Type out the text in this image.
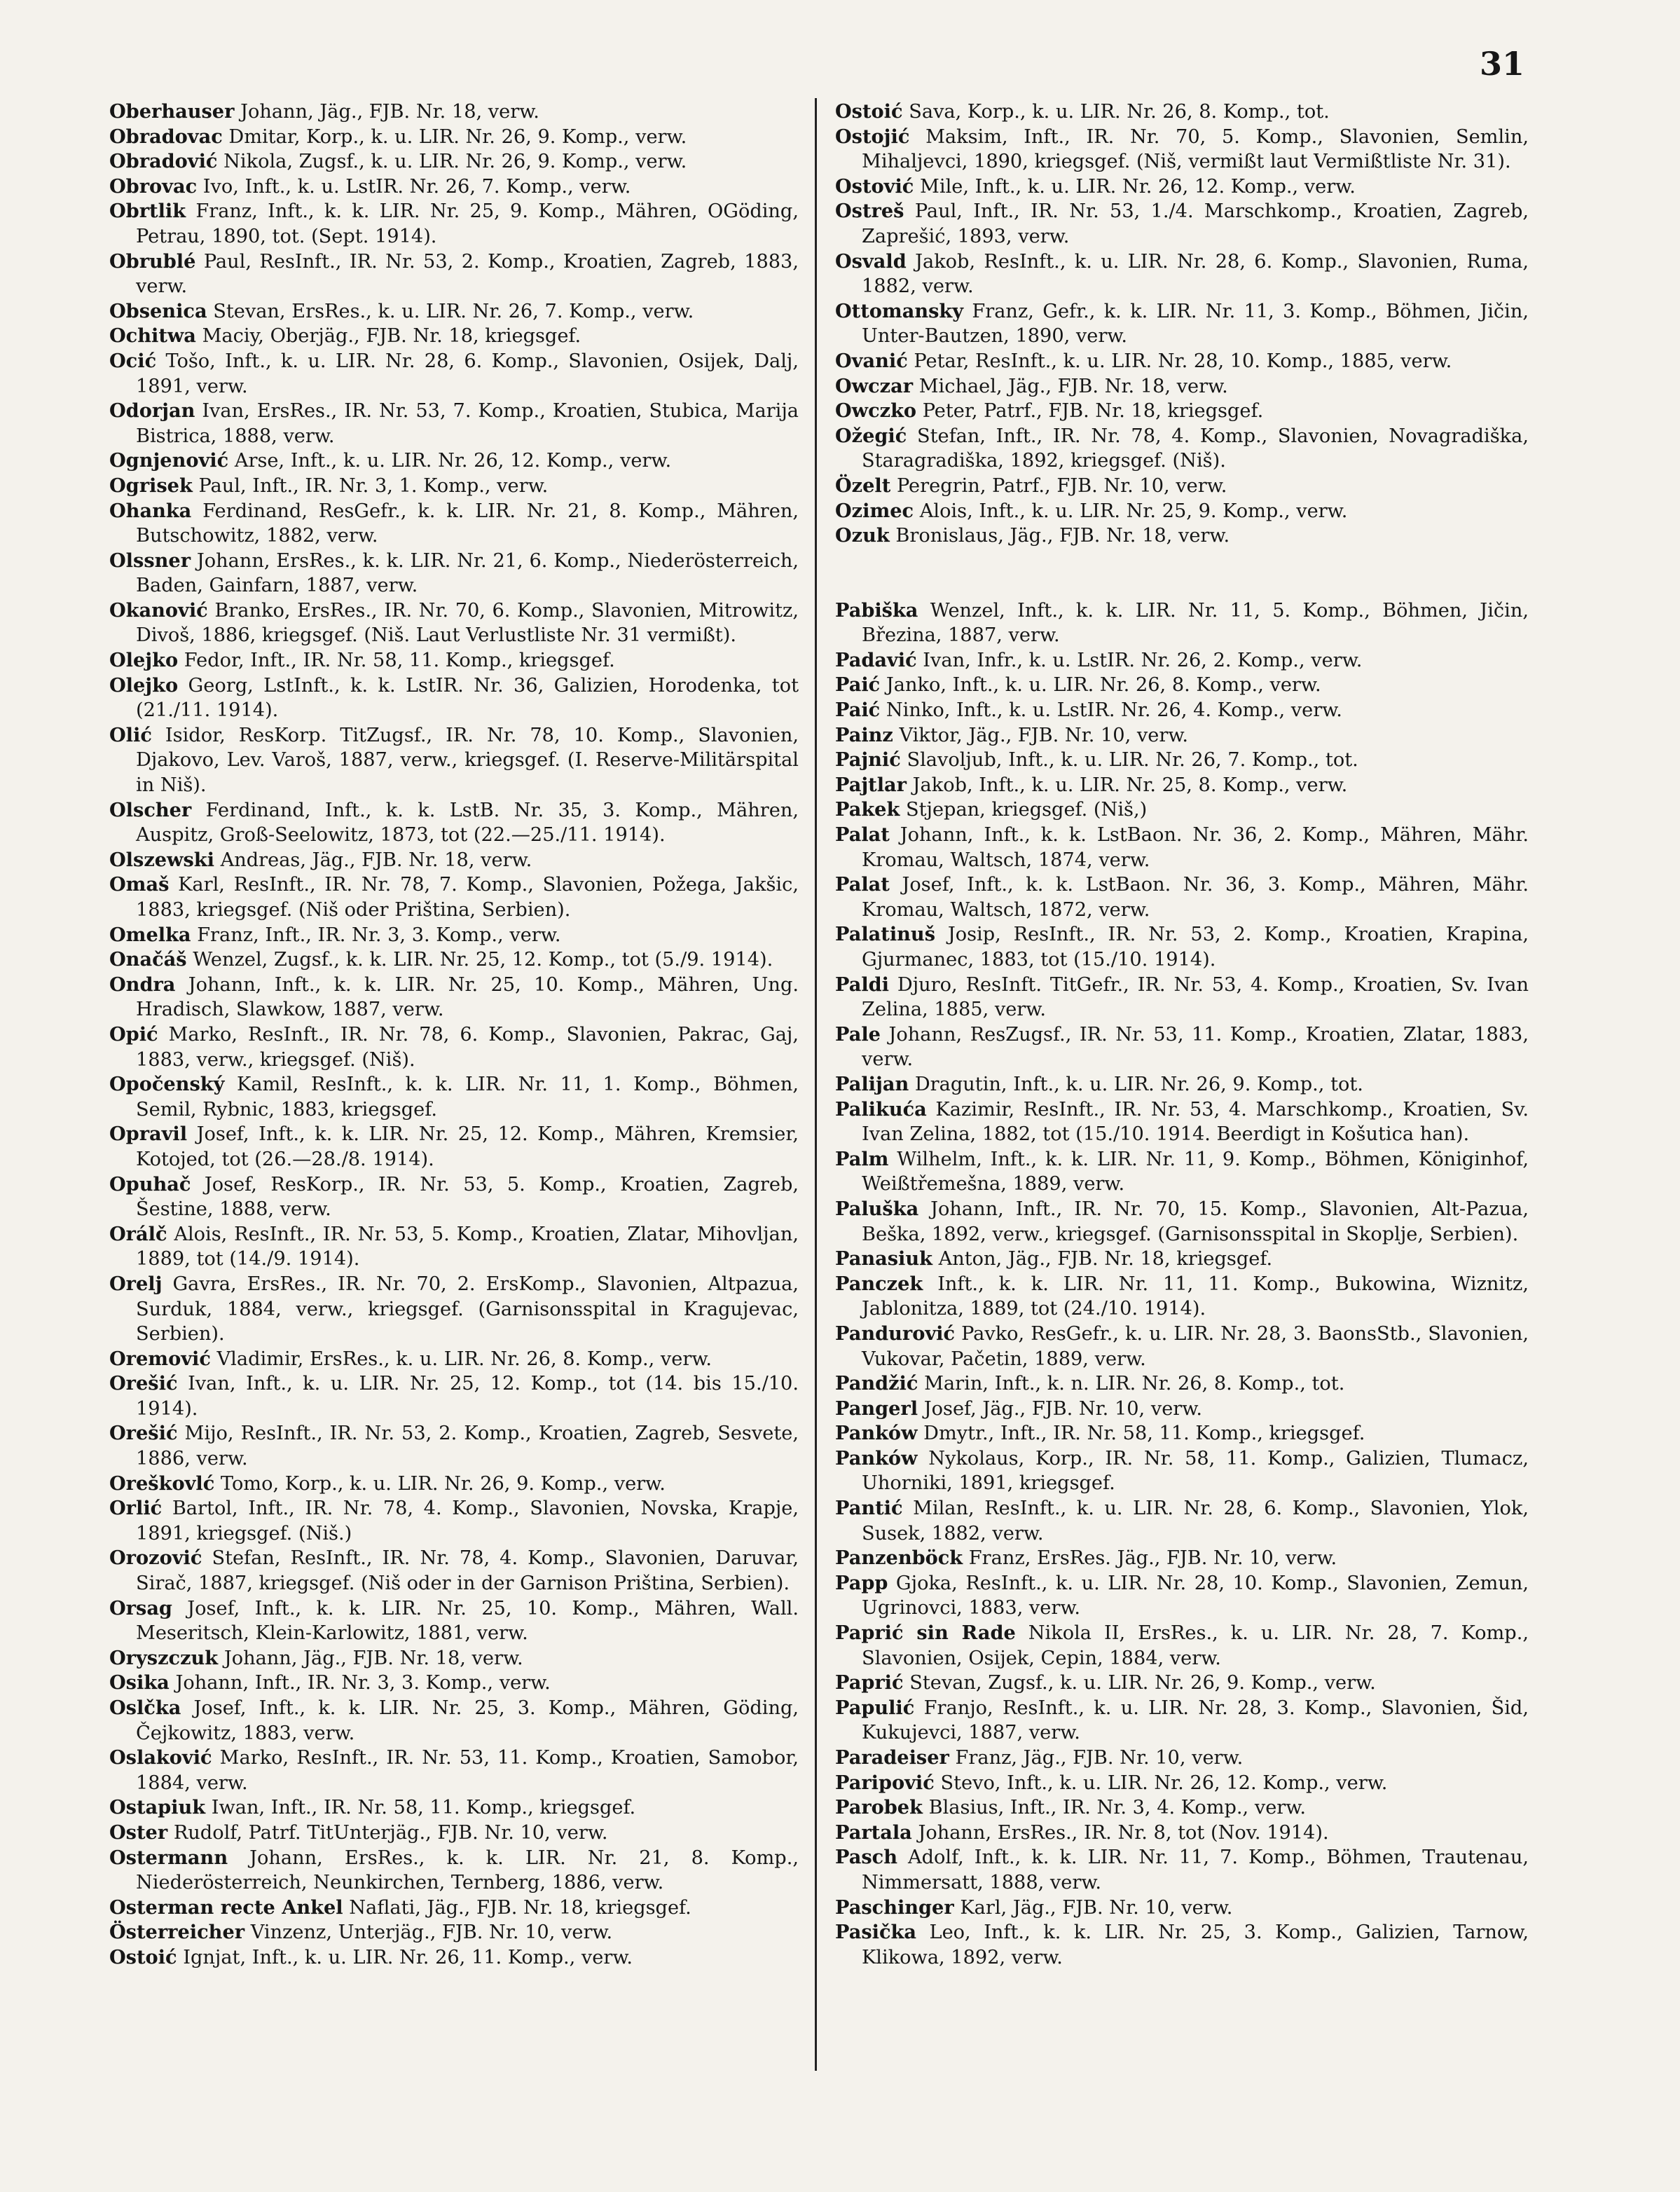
31

Oberhauser Johann, Jäg., FJB. Nr. 18, verw.

Obradovac Dmitar, Korp., k. u. LIR. Nr. 26, 9. Komp., verw.

Obradović Nikola, Zugsf., k. u. LIR. Nr. 26, 9. Komp., verw.

Obrovac Ivo, Inft., k. u. LstIR. Nr. 26, 7. Komp., verw.

Obrtlik Franz, Inft., k. k. LIR. Nr. 25, 9. Komp., Mähren, OGöding, Petrau, 1890, tot. (Sept. 1914).

Obrublé Paul, ResInft., IR. Nr. 53, 2. Komp., Kroatien, Zagreb, 1883, verw.

Obsenica Stevan, ErsRes., k. u. LIR. Nr. 26, 7. Komp., verw.

Ochitwa Maciy, Oberjäg., FJB. Nr. 18, kriegsgef.

Ocić Tošo, Inft., k. u. LIR. Nr. 28, 6. Komp., Slavonien, Osijek, Dalj, 1891, verw.

Odorjan Ivan, ErsRes., IR. Nr. 53, 7. Komp., Kroatien, Stubica, Marija Bistrica, 1888, verw.

Ognjenović Arse, Inft., k. u. LIR. Nr. 26, 12. Komp., verw.

Ogrisek Paul, Inft., IR. Nr. 3, 1. Komp., verw.

Ohanka Ferdinand, ResGefr., k. k. LIR. Nr. 21, 8. Komp., Mähren, Butschowitz, 1882, verw.

Olssner Johann, ErsRes., k. k. LIR. Nr. 21, 6. Komp., Niederösterreich, Baden, Gainfarn, 1887, verw.

Okanović Branko, ErsRes., IR. Nr. 70, 6. Komp., Slavonien, Mitrowitz, Divoš, 1886, kriegsgef. (Niš. Laut Verlustliste Nr. 31 vermißt).

Olejko Fedor, Inft., IR. Nr. 58, 11. Komp., kriegsgef.

Olejko Georg, LstInft., k. k. LstIR. Nr. 36, Galizien, Horodenka, tot (21./11. 1914).

Olić Isidor, ResKorp. TitZugsf., IR. Nr. 78, 10. Komp., Slavonien, Djakovo, Lev. Varoš, 1887, verw., kriegsgef. (I. Reserve-Militärspital in Niš).

Olscher Ferdinand, Inft., k. k. LstB. Nr. 35, 3. Komp., Mähren, Auspitz, Groß-Seelowitz, 1873, tot (22.—25./11. 1914).

Olszewski Andreas, Jäg., FJB. Nr. 18, verw.

Omaš Karl, ResInft., IR. Nr. 78, 7. Komp., Slavonien, Požega, Jakšic, 1883, kriegsgef. (Niš oder Priština, Serbien).

Omelka Franz, Inft., IR. Nr. 3, 3. Komp., verw.

Onačáš Wenzel, Zugsf., k. k. LIR. Nr. 25, 12. Komp., tot (5./9. 1914).

Ondra Johann, Inft., k. k. LIR. Nr. 25, 10. Komp., Mähren, Ung. Hradisch, Slawkow, 1887, verw.

Opić Marko, ResInft., IR. Nr. 78, 6. Komp., Slavonien, Pakrac, Gaj, 1883, verw., kriegsgef. (Niš).

Opočenský Kamil, ResInft., k. k. LIR. Nr. 11, 1. Komp., Böhmen, Semil, Rybnic, 1883, kriegsgef.

Opravil Josef, Inft., k. k. LIR. Nr. 25, 12. Komp., Mähren, Kremsier, Kotojed, tot (26.—28./8. 1914).

Opuhač Josef, ResKorp., IR. Nr. 53, 5. Komp., Kroatien, Zagreb, Šestine, 1888, verw.

Orálč Alois, ResInft., IR. Nr. 53, 5. Komp., Kroatien, Zlatar, Mihovljan, 1889, tot (14./9. 1914).

Orelj Gavra, ErsRes., IR. Nr. 70, 2. ErsKomp., Slavonien, Altpazua, Surduk, 1884, verw., kriegsgef. (Garnisonsspital in Kragujevac, Serbien).

Oremović Vladimir, ErsRes., k. u. LIR. Nr. 26, 8. Komp., verw.

Orešić Ivan, Inft., k. u. LIR. Nr. 25, 12. Komp., tot (14. bis 15./10. 1914).

Orešić Mijo, ResInft., IR. Nr. 53, 2. Komp., Kroatien, Zagreb, Sesvete, 1886, verw.

Oreškovlć Tomo, Korp., k. u. LIR. Nr. 26, 9. Komp., verw.

Orlić Bartol, Inft., IR. Nr. 78, 4. Komp., Slavonien, Novska, Krapje, 1891, kriegsgef. (Niš.)

Orozović Stefan, ResInft., IR. Nr. 78, 4. Komp., Slavonien, Daruvar, Sirač, 1887, kriegsgef. (Niš oder in der Garnison Priština, Serbien).

Orsag Josef, Inft., k. k. LIR. Nr. 25, 10. Komp., Mähren, Wall. Meseritsch, Klein-Karlowitz, 1881, verw.

Oryszczuk Johann, Jäg., FJB. Nr. 18, verw.

Osika Johann, Inft., IR. Nr. 3, 3. Komp., verw.

Oslčka Josef, Inft., k. k. LIR. Nr. 25, 3. Komp., Mähren, Göding, Čejkowitz, 1883, verw.

Oslaković Marko, ResInft., IR. Nr. 53, 11. Komp., Kroatien, Samobor, 1884, verw.

Ostapiuk Iwan, Inft., IR. Nr. 58, 11. Komp., kriegsgef.

Oster Rudolf, Patrf. TitUnterjäg., FJB. Nr. 10, verw.

Ostermann Johann, ErsRes., k. k. LIR. Nr. 21, 8. Komp., Niederösterreich, Neunkirchen, Ternberg, 1886, verw.

Osterman recte Ankel Naflati, Jäg., FJB. Nr. 18, kriegsgef.

Österreicher Vinzenz, Unterjäg., FJB. Nr. 10, verw.

Ostoić Ignjat, Inft., k. u. LIR. Nr. 26, 11. Komp., verw.

Ostoić Sava, Korp., k. u. LIR. Nr. 26, 8. Komp., tot.

Ostojić Maksim, Inft., IR. Nr. 70, 5. Komp., Slavonien, Semlin, Mihaljevci, 1890, kriegsgef. (Niš, vermißt laut Vermißtliste Nr. 31).

Ostović Mile, Inft., k. u. LIR. Nr. 26, 12. Komp., verw.

Ostreš Paul, Inft., IR. Nr. 53, 1./4. Marschkomp., Kroatien, Zagreb, Zaprešić, 1893, verw.

Osvald Jakob, ResInft., k. u. LIR. Nr. 28, 6. Komp., Slavonien, Ruma, 1882, verw.

Ottomansky Franz, Gefr., k. k. LIR. Nr. 11, 3. Komp., Böhmen, Jičin, Unter-Bautzen, 1890, verw.

Ovanić Petar, ResInft., k. u. LIR. Nr. 28, 10. Komp., 1885, verw.

Owczar Michael, Jäg., FJB. Nr. 18, verw.

Owczko Peter, Patrf., FJB. Nr. 18, kriegsgef.

Ožegić Stefan, Inft., IR. Nr. 78, 4. Komp., Slavonien, Novagradiška, Staragradiška, 1892, kriegsgef. (Niš).

Özelt Peregrin, Patrf., FJB. Nr. 10, verw.

Ozimec Alois, Inft., k. u. LIR. Nr. 25, 9. Komp., verw.

Ozuk Bronislaus, Jäg., FJB. Nr. 18, verw.

Pabiška Wenzel, Inft., k. k. LIR. Nr. 11, 5. Komp., Böhmen, Jičin, Březina, 1887, verw.

Padavić Ivan, Infr., k. u. LstIR. Nr. 26, 2. Komp., verw.

Paić Janko, Inft., k. u. LIR. Nr. 26, 8. Komp., verw.

Paić Ninko, Inft., k. u. LstIR. Nr. 26, 4. Komp., verw.

Painz Viktor, Jäg., FJB. Nr. 10, verw.

Pajnić Slavoljub, Inft., k. u. LIR. Nr. 26, 7. Komp., tot.

Pajtlar Jakob, Inft., k. u. LIR. Nr. 25, 8. Komp., verw.

Pakek Stjepan, kriegsgef. (Niš,)

Palat Johann, Inft., k. k. LstBaon. Nr. 36, 2. Komp., Mähren, Mähr. Kromau, Waltsch, 1874, verw.

Palat Josef, Inft., k. k. LstBaon. Nr. 36, 3. Komp., Mähren, Mähr. Kromau, Waltsch, 1872, verw.

Palatinuš Josip, ResInft., IR. Nr. 53, 2. Komp., Kroatien, Krapina, Gjurmanec, 1883, tot (15./10. 1914).

Paldi Djuro, ResInft. TitGefr., IR. Nr. 53, 4. Komp., Kroatien, Sv. Ivan Zelina, 1885, verw.

Pale Johann, ResZugsf., IR. Nr. 53, 11. Komp., Kroatien, Zlatar, 1883, verw.

Palijan Dragutin, Inft., k. u. LIR. Nr. 26, 9. Komp., tot.

Palikuća Kazimir, ResInft., IR. Nr. 53, 4. Marschkomp., Kroatien, Sv. Ivan Zelina, 1882, tot (15./10. 1914. Beerdigt in Košutica han).

Palm Wilhelm, Inft., k. k. LIR. Nr. 11, 9. Komp., Böhmen, Königinhof, Weißtřemešna, 1889, verw.

Paluška Johann, Inft., IR. Nr. 70, 15. Komp., Slavonien, Alt-Pazua, Beška, 1892, verw., kriegsgef. (Garnisonsspital in Skoplje, Serbien).

Panasiuk Anton, Jäg., FJB. Nr. 18, kriegsgef.

Panczek Inft., k. k. LIR. Nr. 11, 11. Komp., Bukowina, Wiznitz, Jablonitza, 1889, tot (24./10. 1914).

Pandurović Pavko, ResGefr., k. u. LIR. Nr. 28, 3. BaonsStb., Slavonien, Vukovar, Pačetin, 1889, verw.

Pandžić Marin, Inft., k. n. LIR. Nr. 26, 8. Komp., tot.

Pangerl Josef, Jäg., FJB. Nr. 10, verw.

Panków Dmytr., Inft., IR. Nr. 58, 11. Komp., kriegsgef.

Panków Nykolaus, Korp., IR. Nr. 58, 11. Komp., Galizien, Tlumacz, Uhorniki, 1891, kriegsgef.

Pantić Milan, ResInft., k. u. LIR. Nr. 28, 6. Komp., Slavonien, Ylok, Susek, 1882, verw.

Panzenböck Franz, ErsRes. Jäg., FJB. Nr. 10, verw.

Papp Gjoka, ResInft., k. u. LIR. Nr. 28, 10. Komp., Slavonien, Zemun, Ugrinovci, 1883, verw.

Paprić sin Rade Nikola II, ErsRes., k. u. LIR. Nr. 28, 7. Komp., Slavonien, Osijek, Cepin, 1884, verw.

Paprić Stevan, Zugsf., k. u. LIR. Nr. 26, 9. Komp., verw.

Papulić Franjo, ResInft., k. u. LIR. Nr. 28, 3. Komp., Slavonien, Šid, Kukujevci, 1887, verw.

Paradeiser Franz, Jäg., FJB. Nr. 10, verw.

Paripović Stevo, Inft., k. u. LIR. Nr. 26, 12. Komp., verw.

Parobek Blasius, Inft., IR. Nr. 3, 4. Komp., verw.

Partala Johann, ErsRes., IR. Nr. 8, tot (Nov. 1914).

Pasch Adolf, Inft., k. k. LIR. Nr. 11, 7. Komp., Böhmen, Trautenau, Nimmersatt, 1888, verw.

Paschinger Karl, Jäg., FJB. Nr. 10, verw.

Pasička Leo, Inft., k. k. LIR. Nr. 25, 3. Komp., Galizien, Tarnow, Klikowa, 1892, verw.
